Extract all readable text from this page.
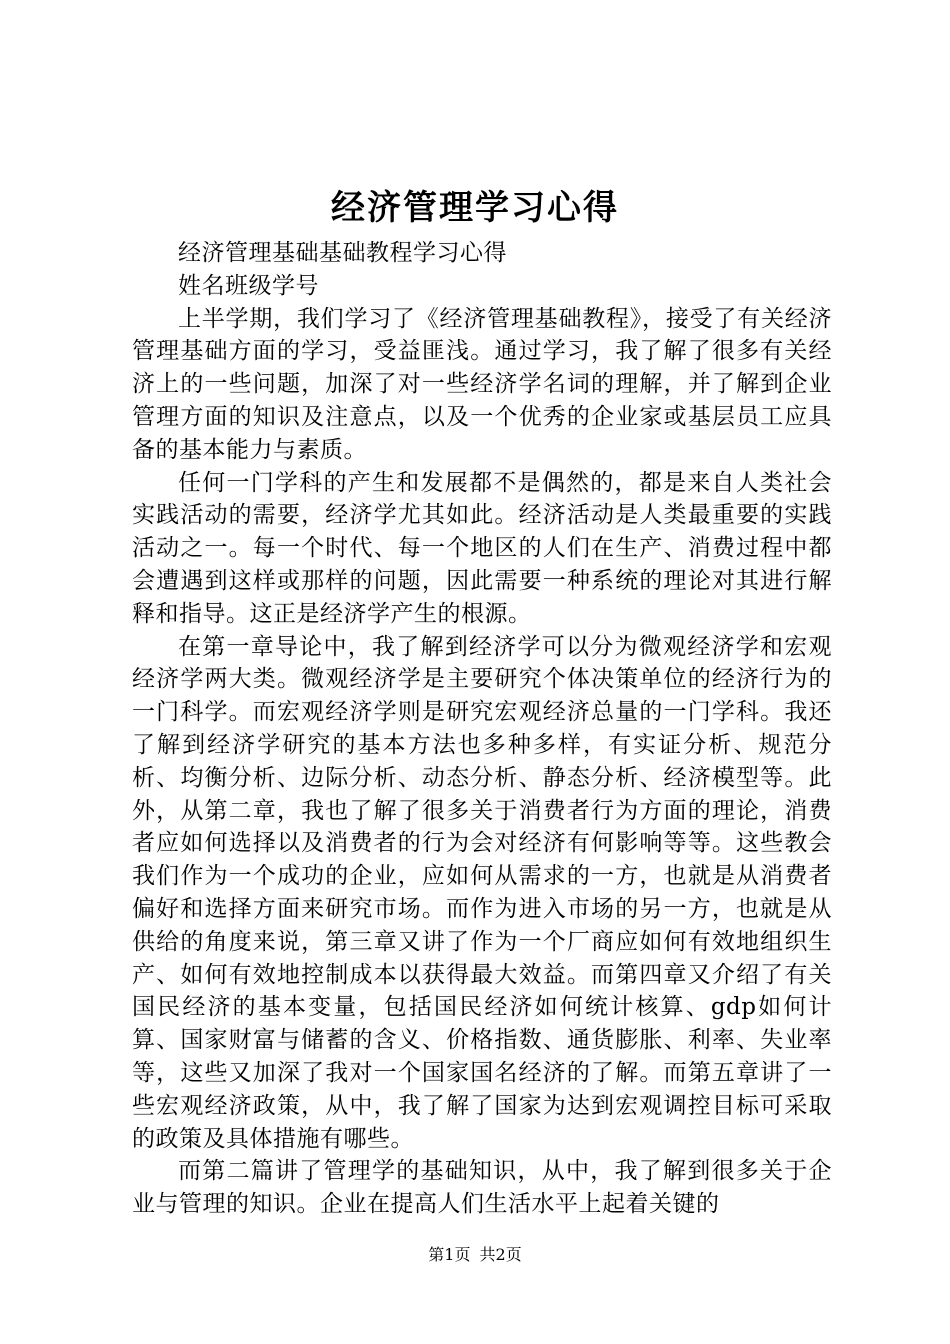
经济管理学习心得

经济管理基础基础教程学习心得

姓名班级学号

上半学期，我们学习了《经济管理基础教程》，接受了有关经济管理基础方面的学习，受益匪浅。通过学习，我了解了很多有关经济上的一些问题，加深了对一些经济学名词的理解，并了解到企业管理方面的知识及注意点，以及一个优秀的企业家或基层员工应具备的基本能力与素质。

任何一门学科的产生和发展都不是偶然的，都是来自人类社会实践活动的需要，经济学尤其如此。经济活动是人类最重要的实践活动之一。每一个时代、每一个地区的人们在生产、消费过程中都会遭遇到这样或那样的问题，因此需要一种系统的理论对其进行解释和指导。这正是经济学产生的根源。

在第一章导论中，我了解到经济学可以分为微观经济学和宏观经济学两大类。微观经济学是主要研究个体决策单位的经济行为的一门科学。而宏观经济学则是研究宏观经济总量的一门学科。我还了解到经济学研究的基本方法也多种多样，有实证分析、规范分析、均衡分析、边际分析、动态分析、静态分析、经济模型等。此外，从第二章，我也了解了很多关于消费者行为方面的理论，消费者应如何选择以及消费者的行为会对经济有何影响等等。这些教会我们作为一个成功的企业，应如何从需求的一方，也就是从消费者偏好和选择方面来研究市场。而作为进入市场的另一方，也就是从供给的角度来说，第三章又讲了作为一个厂商应如何有效地组织生产、如何有效地控制成本以获得最大效益。而第四章又介绍了有关国民经济的基本变量，包括国民经济如何统计核算、gdp如何计算、国家财富与储蓄的含义、价格指数、通货膨胀、利率、失业率等，这些又加深了我对一个国家国名经济的了解。而第五章讲了一些宏观经济政策，从中，我了解了国家为达到宏观调控目标可采取的政策及具体措施有哪些。

而第二篇讲了管理学的基础知识，从中，我了解到很多关于企业与管理的知识。企业在提高人们生活水平上起着关键的

第1页 共2页
